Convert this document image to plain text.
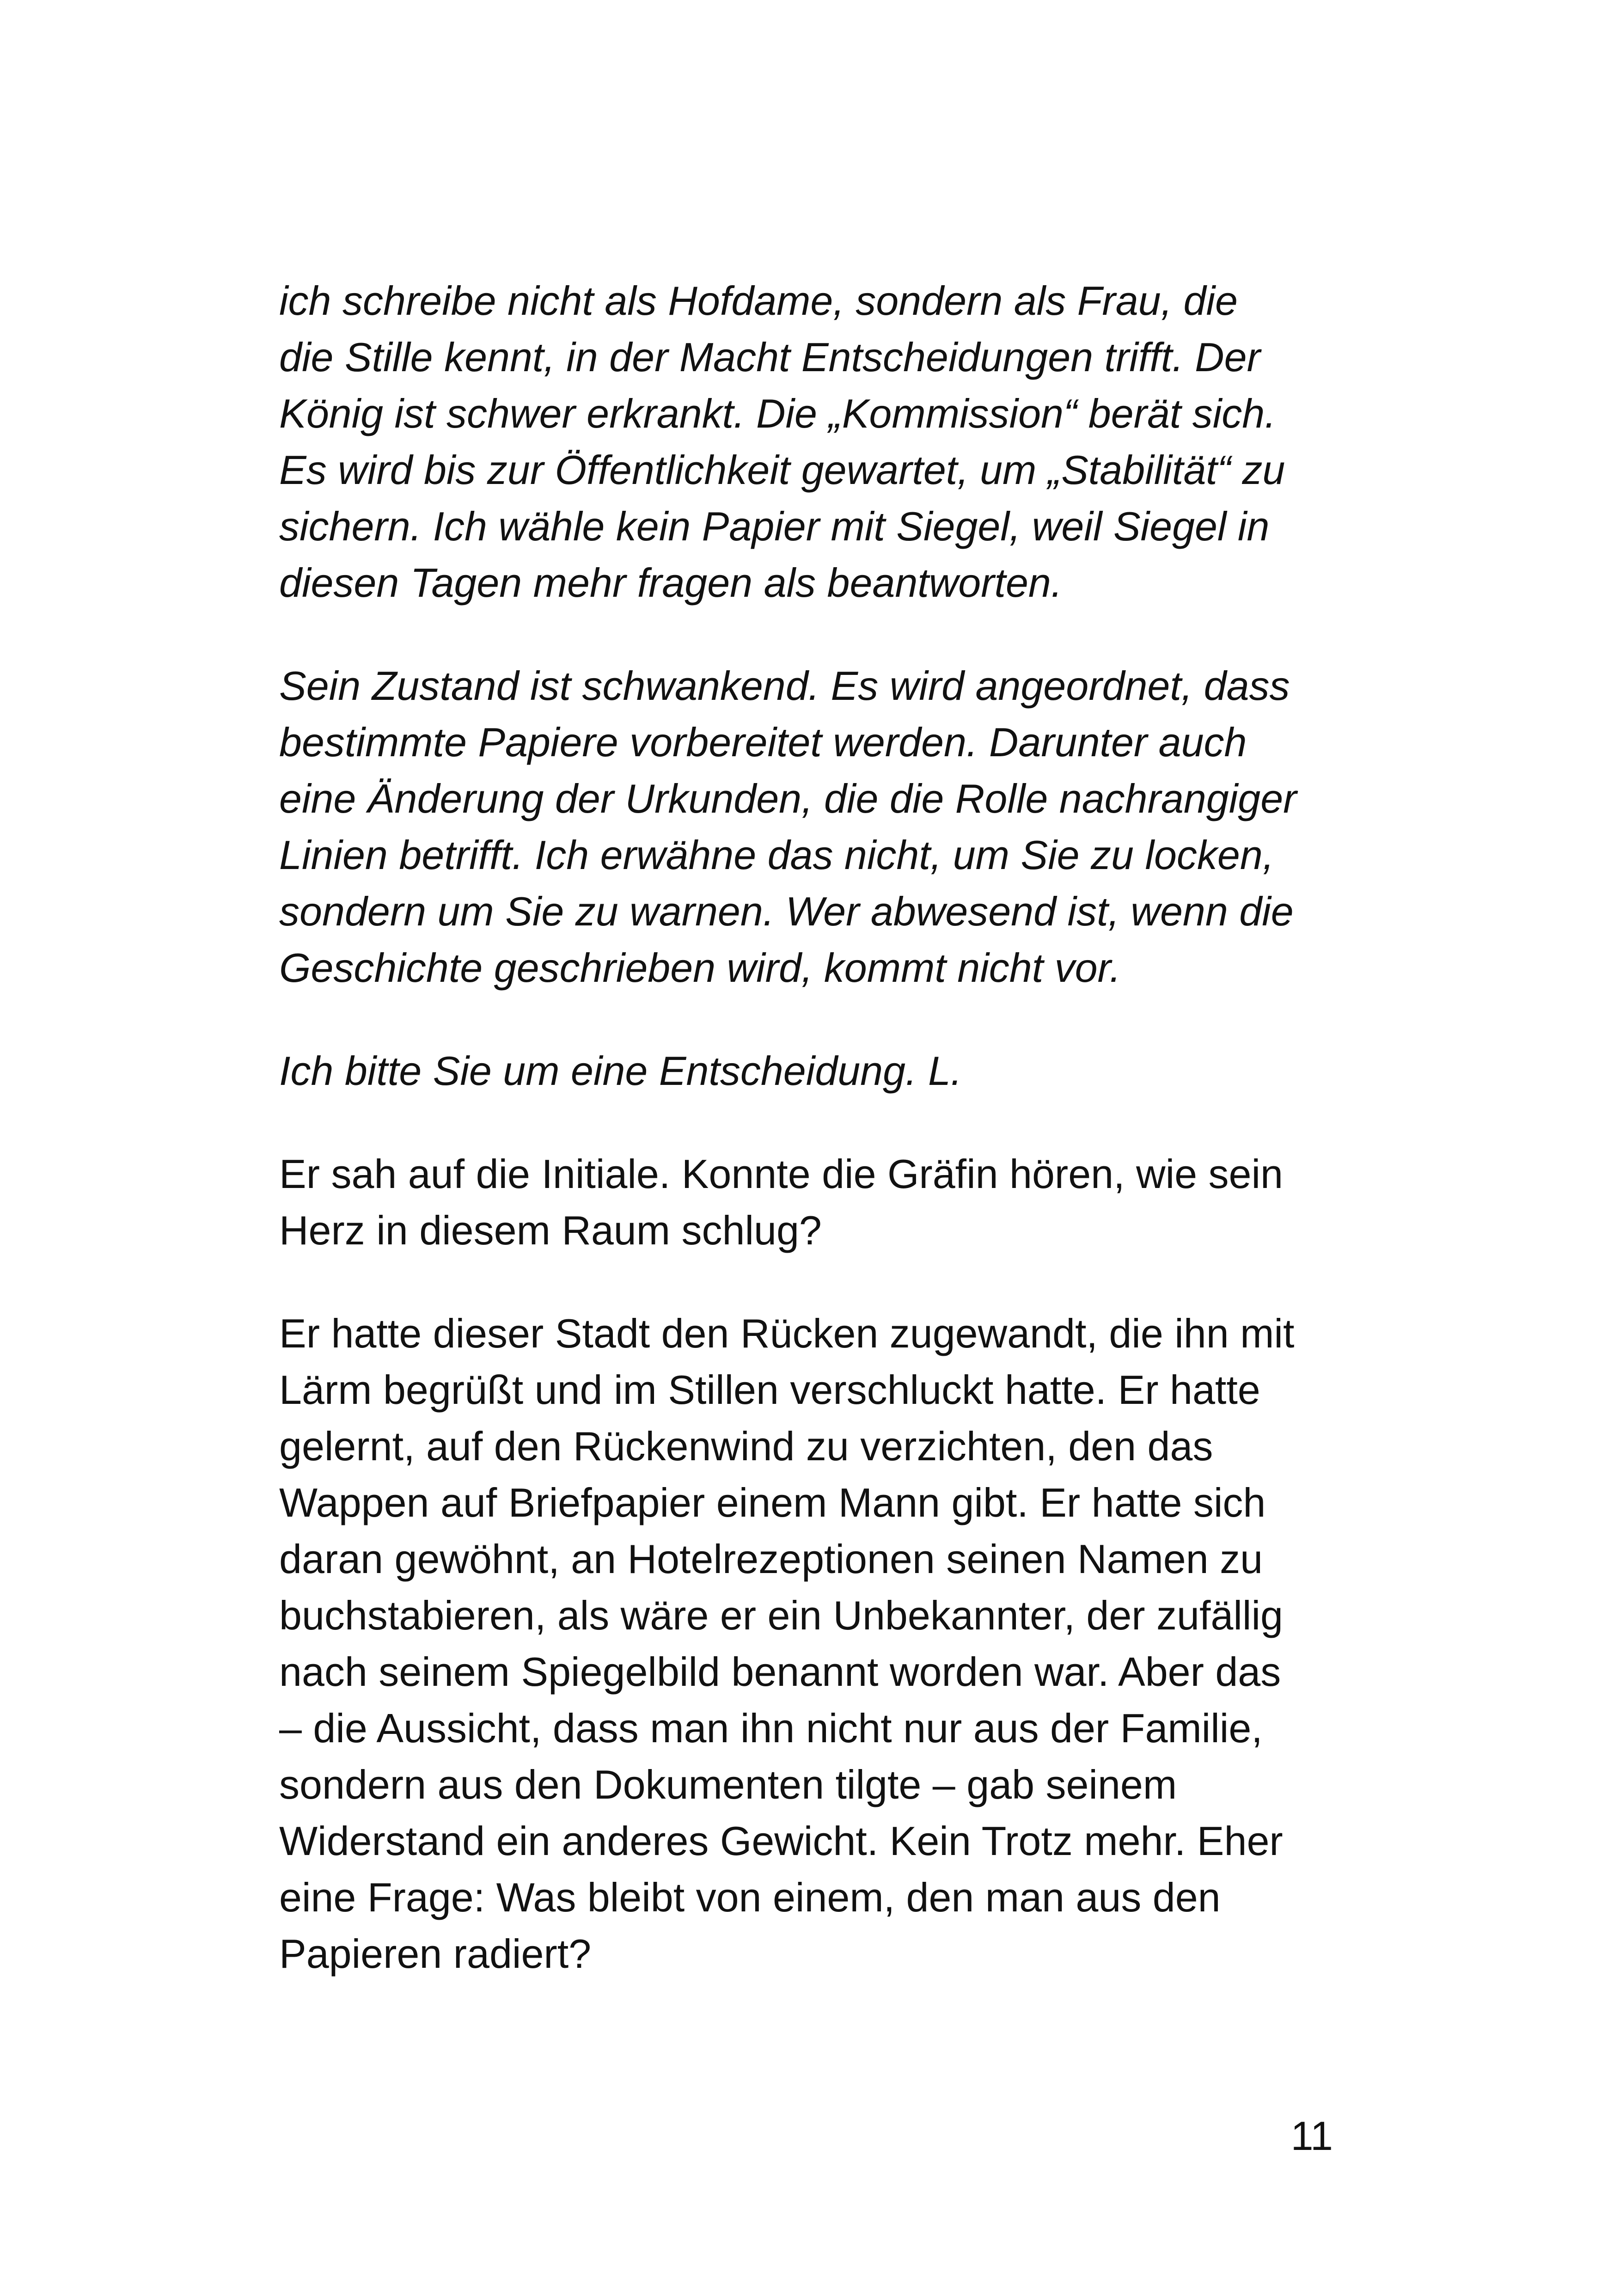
ich schreibe nicht als Hofdame, sondern als Frau, die
die Stille kennt, in der Macht Entscheidungen trifft. Der
König ist schwer erkrankt. Die „Kommission“ berät sich.
Es wird bis zur Öffentlichkeit gewartet, um „Stabilität“ zu
sichern. Ich wähle kein Papier mit Siegel, weil Siegel in
diesen Tagen mehr fragen als beantworten.

Sein Zustand ist schwankend. Es wird angeordnet, dass
bestimmte Papiere vorbereitet werden. Darunter auch
eine Änderung der Urkunden, die die Rolle nachrangiger
Linien betrifft. Ich erwähne das nicht, um Sie zu locken,
sondern um Sie zu warnen. Wer abwesend ist, wenn die
Geschichte geschrieben wird, kommt nicht vor.

Ich bitte Sie um eine Entscheidung. L.

Er sah auf die Initiale. Konnte die Gräfin hören, wie sein
Herz in diesem Raum schlug?

Er hatte dieser Stadt den Rücken zugewandt, die ihn mit
Lärm begrüßt und im Stillen verschluckt hatte. Er hatte
gelernt, auf den Rückenwind zu verzichten, den das
Wappen auf Briefpapier einem Mann gibt. Er hatte sich
daran gewöhnt, an Hotelrezeptionen seinen Namen zu
buchstabieren, als wäre er ein Unbekannter, der zufällig
nach seinem Spiegelbild benannt worden war. Aber das
– die Aussicht, dass man ihn nicht nur aus der Familie,
sondern aus den Dokumenten tilgte – gab seinem
Widerstand ein anderes Gewicht. Kein Trotz mehr. Eher
eine Frage: Was bleibt von einem, den man aus den
Papieren radiert?

11
